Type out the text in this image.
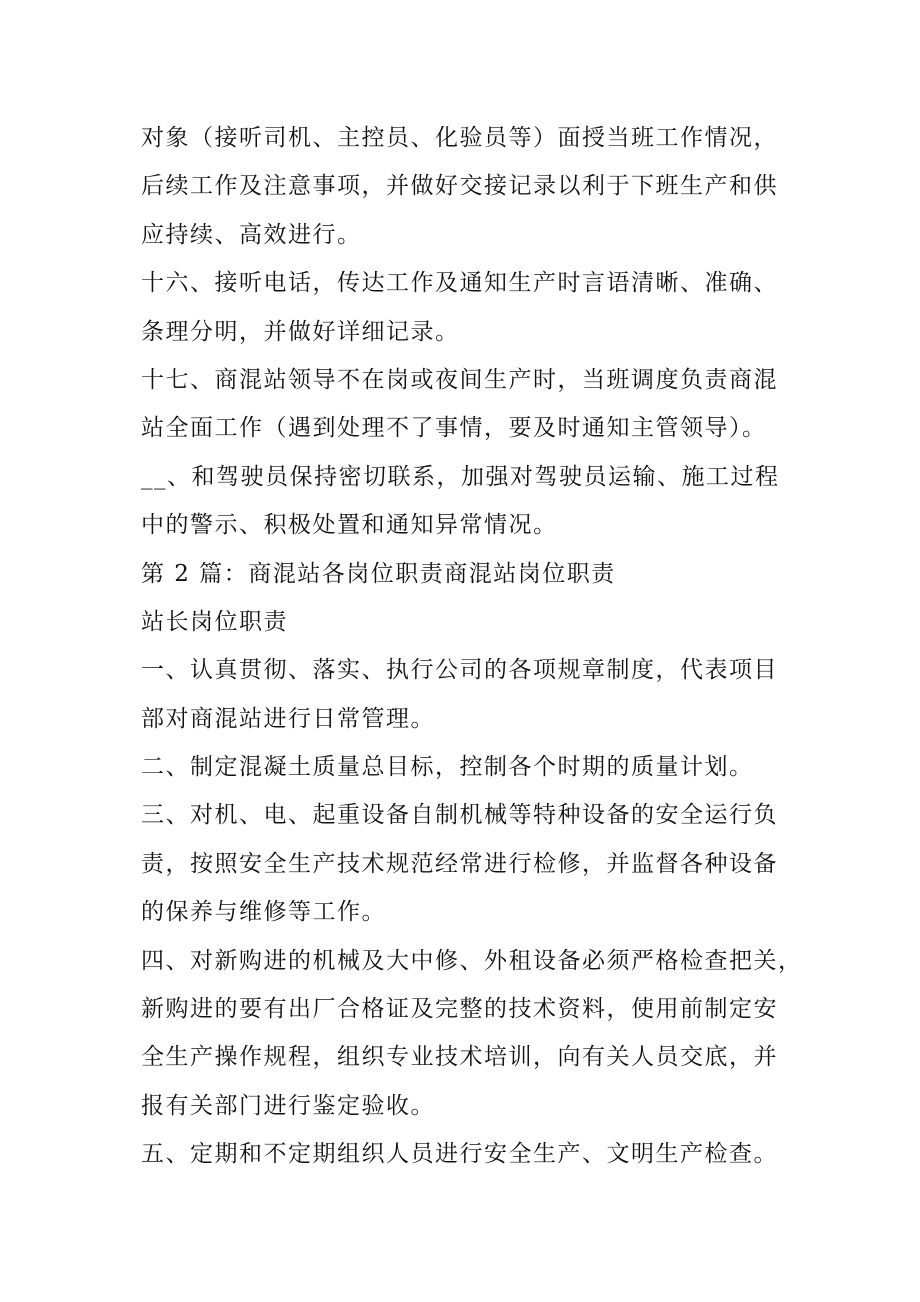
对象（接听司机、主控员、化验员等）面授当班工作情况，
后续工作及注意事项，并做好交接记录以利于下班生产和供
应持续、高效进行。
十六、接听电话，传达工作及通知生产时言语清晰、准确、
条理分明，并做好详细记录。
十七、商混站领导不在岗或夜间生产时，当班调度负责商混
站全面工作（遇到处理不了事情，要及时通知主管领导）。
__、和驾驶员保持密切联系，加强对驾驶员运输、施工过程
中的警示、积极处置和通知异常情况。
第 2 篇：商混站各岗位职责商混站岗位职责
站长岗位职责
一、认真贯彻、落实、执行公司的各项规章制度，代表项目
部对商混站进行日常管理。
二、制定混凝土质量总目标，控制各个时期的质量计划。
三、对机、电、起重设备自制机械等特种设备的安全运行负
责，按照安全生产技术规范经常进行检修，并监督各种设备
的保养与维修等工作。
四、对新购进的机械及大中修、外租设备必须严格检查把关，
新购进的要有出厂合格证及完整的技术资料，使用前制定安
全生产操作规程，组织专业技术培训，向有关人员交底，并
报有关部门进行鉴定验收。
五、定期和不定期组织人员进行安全生产、文明生产检查。
